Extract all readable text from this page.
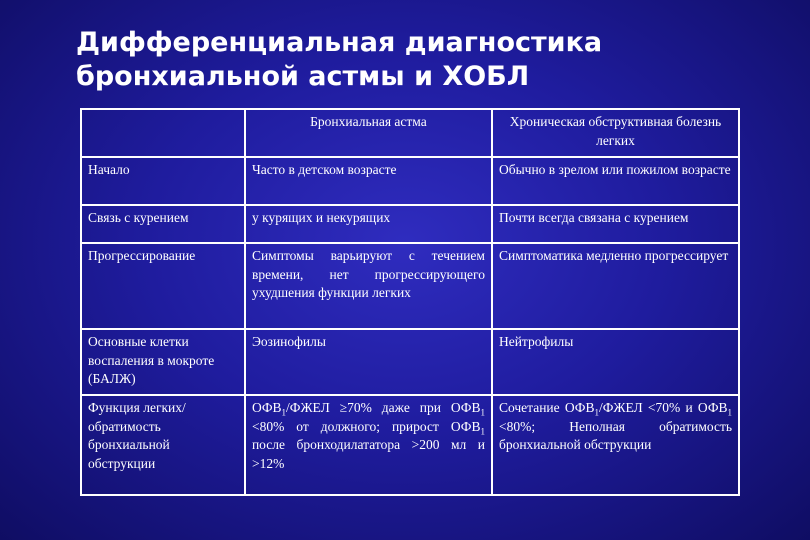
Дифференциальная диагностика
бронхиальной астмы и ХОБЛ
	Бронхиальная астма	Хроническая обструктивная болезнь легких
Начало	Часто в детском возрасте	Обычно в зрелом или пожилом возрасте
Связь с курением	у курящих и некурящих	Почти всегда связана с курением
Прогрессирование	Симптомы варьируют с течением времени, нет прогрессирующего ухудшения функции легких	Симптоматика медленно прогрессирует
Основные клетки воспаления в мокроте (БАЛЖ)	Эозинофилы	Нейтрофилы
Функция легких/обратимость бронхиальной обструкции	$ОФВ_1$/ФЖЕЛ ≥70% даже при $ОФВ_1 <80\%$ от должного; прирост $ОФВ_1$ после бронходилататора >200 мл и >12%	Сочетание $ОФВ_1$/ФЖЕЛ <70% и $ОФВ_1 <80\%$; Неполная обратимость бронхиальной обструкции
